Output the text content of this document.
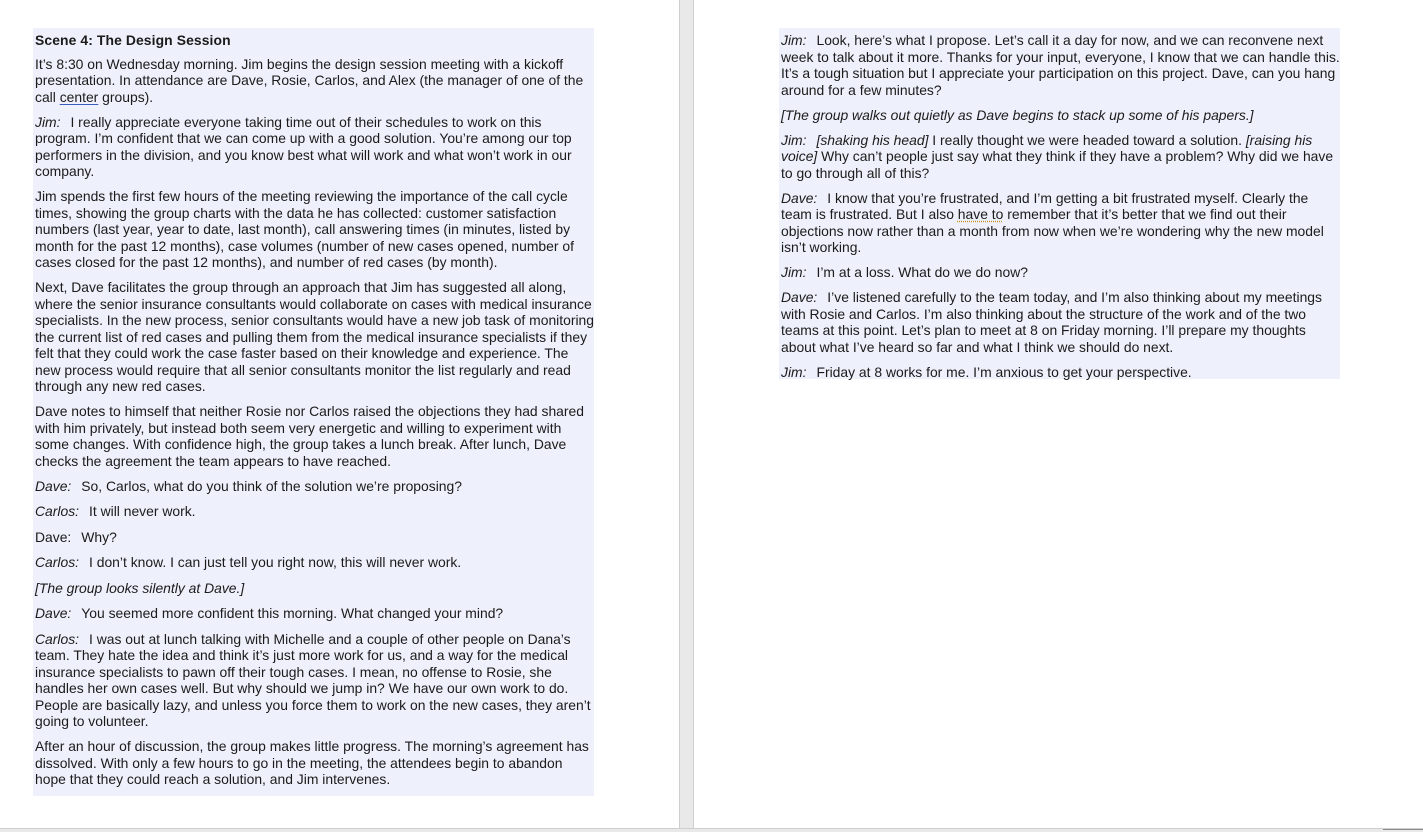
Scene 4: The Design Session

It’s 8:30 on Wednesday morning. Jim begins the design session meeting with a kickoff presentation. In attendance are Dave, Rosie, Carlos, and Alex (the manager of one of the call center groups).

Jim: I really appreciate everyone taking time out of their schedules to work on this program. I’m confident that we can come up with a good solution. You’re among our top performers in the division, and you know best what will work and what won’t work in our company.

Jim spends the first few hours of the meeting reviewing the importance of the call cycle times, showing the group charts with the data he has collected: customer satisfaction numbers (last year, year to date, last month), call answering times (in minutes, listed by month for the past 12 months), case volumes (number of new cases opened, number of cases closed for the past 12 months), and number of red cases (by month).

Next, Dave facilitates the group through an approach that Jim has suggested all along, where the senior insurance consultants would collaborate on cases with medical insurance specialists. In the new process, senior consultants would have a new job task of monitoring the current list of red cases and pulling them from the medical insurance specialists if they felt that they could work the case faster based on their knowledge and experience. The new process would require that all senior consultants monitor the list regularly and read through any new red cases.

Dave notes to himself that neither Rosie nor Carlos raised the objections they had shared with him privately, but instead both seem very energetic and willing to experiment with some changes. With confidence high, the group takes a lunch break. After lunch, Dave checks the agreement the team appears to have reached.

Dave: So, Carlos, what do you think of the solution we’re proposing?

Carlos: It will never work.

Dave: Why?

Carlos: I don’t know. I can just tell you right now, this will never work.

[The group looks silently at Dave.]

Dave: You seemed more confident this morning. What changed your mind?

Carlos: I was out at lunch talking with Michelle and a couple of other people on Dana’s team. They hate the idea and think it’s just more work for us, and a way for the medical insurance specialists to pawn off their tough cases. I mean, no offense to Rosie, she handles her own cases well. But why should we jump in? We have our own work to do. People are basically lazy, and unless you force them to work on the new cases, they aren’t going to volunteer.

After an hour of discussion, the group makes little progress. The morning’s agreement has dissolved. With only a few hours to go in the meeting, the attendees begin to abandon hope that they could reach a solution, and Jim intervenes.

Jim: Look, here’s what I propose. Let’s call it a day for now, and we can reconvene next week to talk about it more. Thanks for your input, everyone, I know that we can handle this. It’s a tough situation but I appreciate your participation on this project. Dave, can you hang around for a few minutes?

[The group walks out quietly as Dave begins to stack up some of his papers.]

Jim: [shaking his head] I really thought we were headed toward a solution. [raising his voice] Why can’t people just say what they think if they have a problem? Why did we have to go through all of this?

Dave: I know that you’re frustrated, and I’m getting a bit frustrated myself. Clearly the team is frustrated. But I also have to remember that it’s better that we find out their objections now rather than a month from now when we’re wondering why the new model isn’t working.

Jim: I’m at a loss. What do we do now?

Dave: I’ve listened carefully to the team today, and I’m also thinking about my meetings with Rosie and Carlos. I’m also thinking about the structure of the work and of the two teams at this point. Let’s plan to meet at 8 on Friday morning. I’ll prepare my thoughts about what I’ve heard so far and what I think we should do next.

Jim: Friday at 8 works for me. I’m anxious to get your perspective.
